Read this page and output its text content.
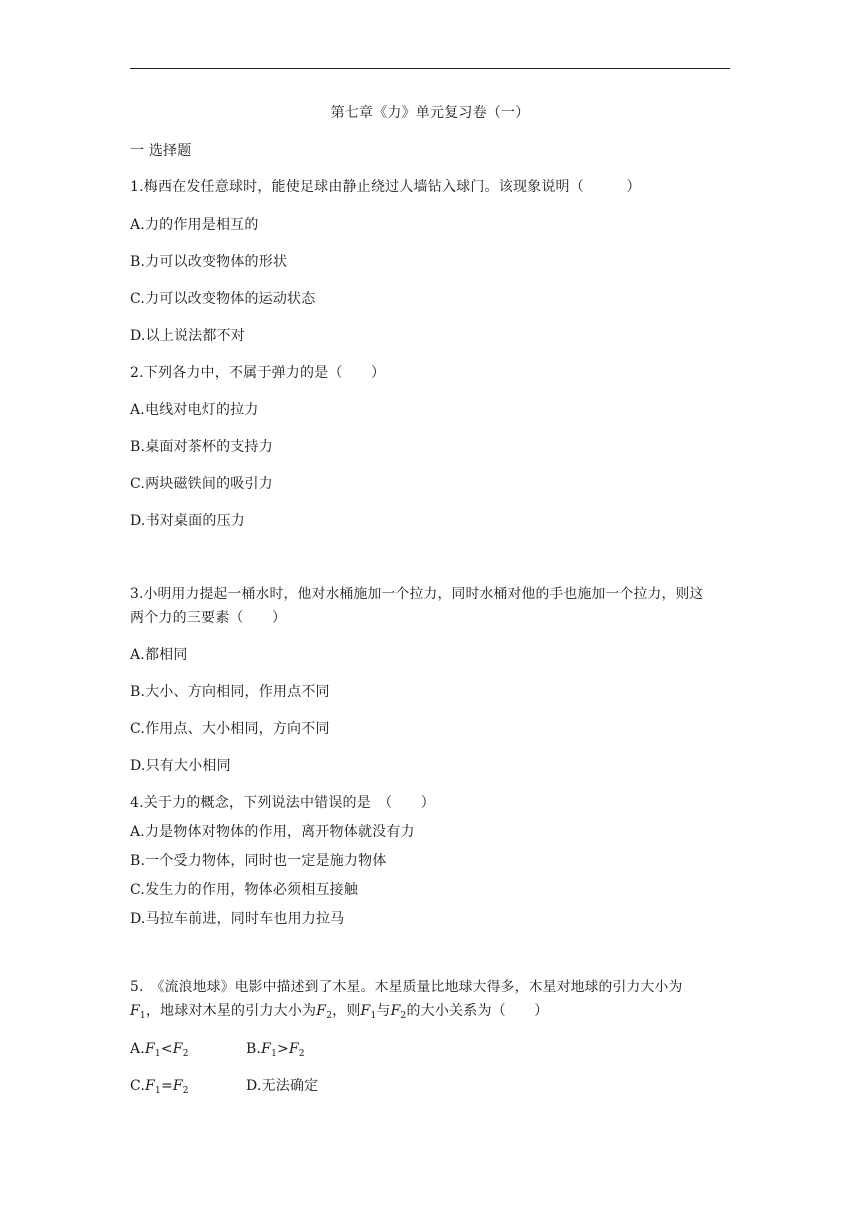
第七章《力》单元复习卷（一）
一 选择题
1.梅西在发任意球时，能使足球由静止绕过人墙钻入球门。该现象说明（　　　）
A.力的作用是相互的
B.力可以改变物体的形状
C.力可以改变物体的运动状态
D.以上说法都不对
2.下列各力中，不属于弹力的是（　　）
A.电线对电灯的拉力
B.桌面对茶杯的支持力
C.两块磁铁间的吸引力
D.书对桌面的压力
3.小明用力提起一桶水时，他对水桶施加一个拉力，同时水桶对他的手也施加一个拉力，则这
两个力的三要素（　　）
A.都相同
B.大小、方向相同，作用点不同
C.作用点、大小相同，方向不同
D.只有大小相同
4.关于力的概念，下列说法中错误的是　（　　）
A.力是物体对物体的作用，离开物体就没有力
B.一个受力物体，同时也一定是施力物体
C.发生力的作用，物体必须相互接触
D.马拉车前进，同时车也用力拉马
5.　《流浪地球》电影中描述到了木星。木星质量比地球大得多，木星对地球的引力大小为
$F_1$，地球对木星的引力大小为$F_2$，则$F_1$与$F_2$的大小关系为（　　）
$A.F_1<F_2$	$B.F_1>F_2$
$C.F_1=F_2$	D.无法确定
